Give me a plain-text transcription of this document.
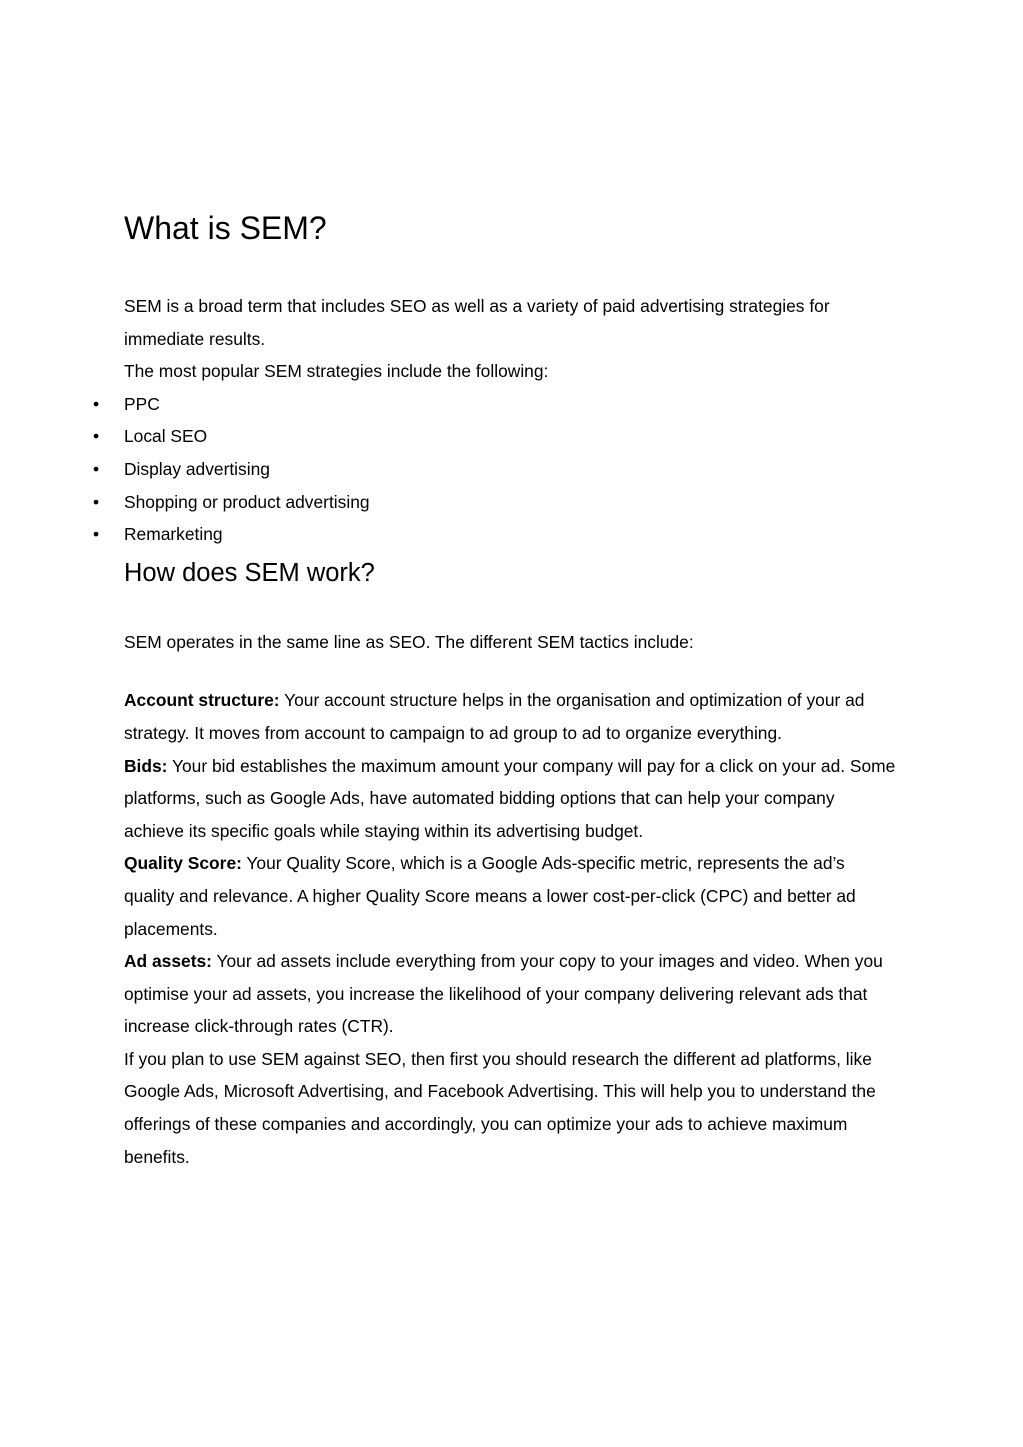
What is SEM?

SEM is a broad term that includes SEO as well as a variety of paid advertising strategies for immediate results.

The most popular SEM strategies include the following:

• PPC
• Local SEO
• Display advertising
• Shopping or product advertising
• Remarketing
How does SEM work?

SEM operates in the same line as SEO. The different SEM tactics include:

Account structure: Your account structure helps in the organisation and optimization of your ad strategy. It moves from account to campaign to ad group to ad to organize everything.

Bids: Your bid establishes the maximum amount your company will pay for a click on your ad. Some platforms, such as Google Ads, have automated bidding options that can help your company achieve its specific goals while staying within its advertising budget.

Quality Score: Your Quality Score, which is a Google Ads-specific metric, represents the ad’s quality and relevance. A higher Quality Score means a lower cost-per-click (CPC) and better ad placements.

Ad assets: Your ad assets include everything from your copy to your images and video. When you optimise your ad assets, you increase the likelihood of your company delivering relevant ads that increase click-through rates (CTR).

If you plan to use SEM against SEO, then first you should research the different ad platforms, like Google Ads, Microsoft Advertising, and Facebook Advertising. This will help you to understand the offerings of these companies and accordingly, you can optimize your ads to achieve maximum benefits.
